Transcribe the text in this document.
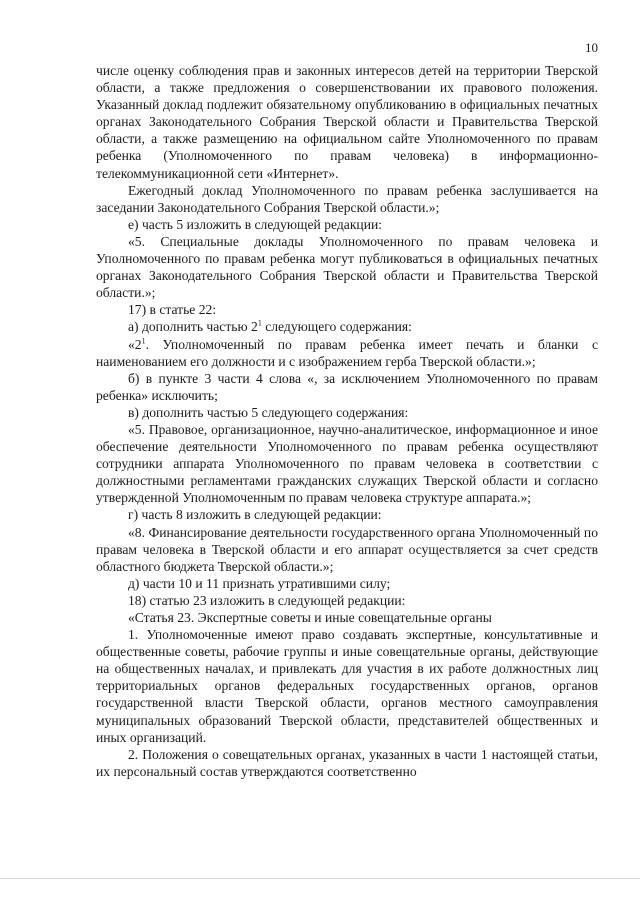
10

числе оценку соблюдения прав и законных интересов детей на территории Тверской области, а также предложения о совершенствовании их правового положения. Указанный доклад подлежит обязательному опубликованию в официальных печатных органах Законодательного Собрания Тверской области и Правительства Тверской области, а также размещению на официальном сайте Уполномоченного по правам ребенка (Уполномоченного по правам человека) в информационно-телекоммуникационной сети «Интернет».

Ежегодный доклад Уполномоченного по правам ребенка заслушивается на заседании Законодательного Собрания Тверской области.»;

е) часть 5 изложить в следующей редакции:

«5. Специальные доклады Уполномоченного по правам человека и Уполномоченного по правам ребенка могут публиковаться в официальных печатных органах Законодательного Собрания Тверской области и Правительства Тверской области.»;

17) в статье 22:

а) дополнить частью $2^1$ следующего содержания:

«$2^1$. Уполномоченный по правам ребенка имеет печать и бланки с наименованием его должности и с изображением герба Тверской области.»;

б) в пункте 3 части 4 слова «, за исключением Уполномоченного по правам ребенка» исключить;

в) дополнить частью 5 следующего содержания:

«5. Правовое, организационное, научно-аналитическое, информационное и иное обеспечение деятельности Уполномоченного по правам ребенка осуществляют сотрудники аппарата Уполномоченного по правам человека в соответствии с должностными регламентами гражданских служащих Тверской области и согласно утвержденной Уполномоченным по правам человека структуре аппарата.»;

г) часть 8 изложить в следующей редакции:

«8. Финансирование деятельности государственного органа Уполномоченный по правам человека в Тверской области и его аппарат осуществляется за счет средств областного бюджета Тверской области.»;

д) части 10 и 11 признать утратившими силу;

18) статью 23 изложить в следующей редакции:

«Статья 23. Экспертные советы и иные совещательные органы

1. Уполномоченные имеют право создавать экспертные, консультативные и общественные советы, рабочие группы и иные совещательные органы, действующие на общественных началах, и привлекать для участия в их работе должностных лиц территориальных органов федеральных государственных органов, органов государственной власти Тверской области, органов местного самоуправления муниципальных образований Тверской области, представителей общественных и иных организаций.

2. Положения о совещательных органах, указанных в части 1 настоящей статьи, их персональный состав утверждаются соответственно
